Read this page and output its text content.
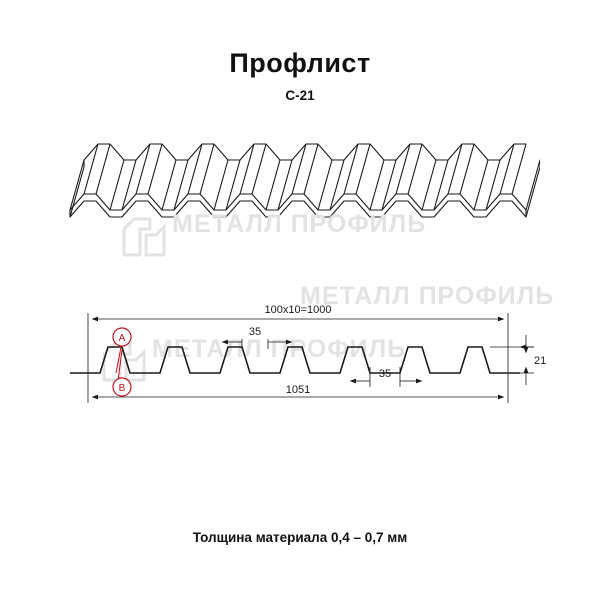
Профлист
С-21
МЕТАЛЛ ПРОФИЛЬ
МЕТАЛЛ ПРОФИЛЬ
МЕТАЛЛ ПРОФИЛЬ
A
B
100х10=1000
1051
35
35
21
Толщина материала 0,4 – 0,7 мм
